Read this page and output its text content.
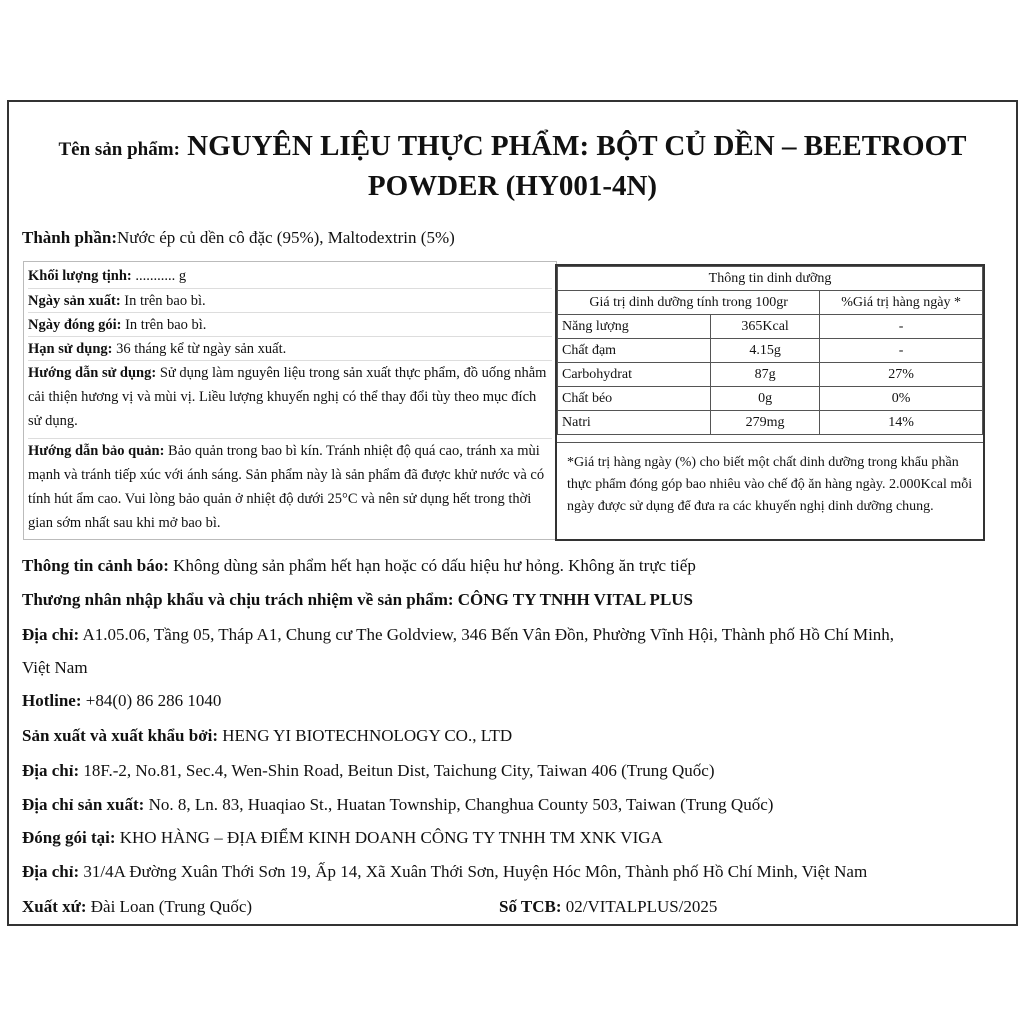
Tên sản phẩm: NGUYÊN LIỆU THỰC PHẨM: BỘT CỦ DỀN – BEETROOT
POWDER (HY001-4N)
Thành phần:Nước ép củ dền cô đặc (95%), Maltodextrin (5%)
Khối lượng tịnh: ........... g
Ngày sản xuất: In trên bao bì.
Ngày đóng gói: In trên bao bì.
Hạn sử dụng: 36 tháng kể từ ngày sản xuất.
Hướng dẫn sử dụng: Sử dụng làm nguyên liệu trong sản xuất thực phẩm, đồ uống nhằm cải thiện hương vị và mùi vị. Liều lượng khuyến nghị có thể thay đổi tùy theo mục đích sử dụng.
Hướng dẫn bảo quản: Bảo quản trong bao bì kín. Tránh nhiệt độ quá cao, tránh xa mùi mạnh và tránh tiếp xúc với ánh sáng. Sản phẩm này là sản phẩm đã được khử nước và có tính hút ẩm cao. Vui lòng bảo quản ở nhiệt độ dưới 25°C và nên sử dụng hết trong thời gian sớm nhất sau khi mở bao bì.
Thông tin dinh dưỡng		
Giá trị dinh dưỡng tính trong 100gr		%Giá trị hàng ngày *
Năng lượng	365Kcal	-
Chất đạm	4.15g	-
Carbohydrat	87g	27%
Chất béo	0g	0%
Natri	279mg	14%
*Giá trị hàng ngày (%) cho biết một chất dinh dưỡng trong khẩu phần thực phẩm đóng góp bao nhiêu vào chế độ ăn hàng ngày. 2.000Kcal mỗi ngày được sử dụng để đưa ra các khuyến nghị dinh dưỡng chung.
Thông tin cảnh báo: Không dùng sản phẩm hết hạn hoặc có dấu hiệu hư hỏng. Không ăn trực tiếp
Thương nhân nhập khẩu và chịu trách nhiệm về sản phẩm: CÔNG TY TNHH VITAL PLUS
Địa chỉ: A1.05.06, Tầng 05, Tháp A1, Chung cư The Goldview, 346 Bến Vân Đồn, Phường Vĩnh Hội, Thành phố Hồ Chí Minh,
Việt Nam
Hotline: +84(0) 86 286 1040
Sản xuất và xuất khẩu bởi: HENG YI BIOTECHNOLOGY CO., LTD
Địa chỉ: 18F.-2, No.81, Sec.4, Wen-Shin Road, Beitun Dist, Taichung City, Taiwan 406 (Trung Quốc)
Địa chỉ sản xuất: No. 8, Ln. 83, Huaqiao St., Huatan Township, Changhua County 503, Taiwan (Trung Quốc)
Đóng gói tại: KHO HÀNG – ĐỊA ĐIỂM KINH DOANH CÔNG TY TNHH TM XNK VIGA
Địa chỉ: 31/4A Đường Xuân Thới Sơn 19, Ấp 14, Xã Xuân Thới Sơn, Huyện Hóc Môn, Thành phố Hồ Chí Minh, Việt Nam
Xuất xứ: Đài Loan (Trung Quốc)	Số TCB: 02/VITALPLUS/2025
